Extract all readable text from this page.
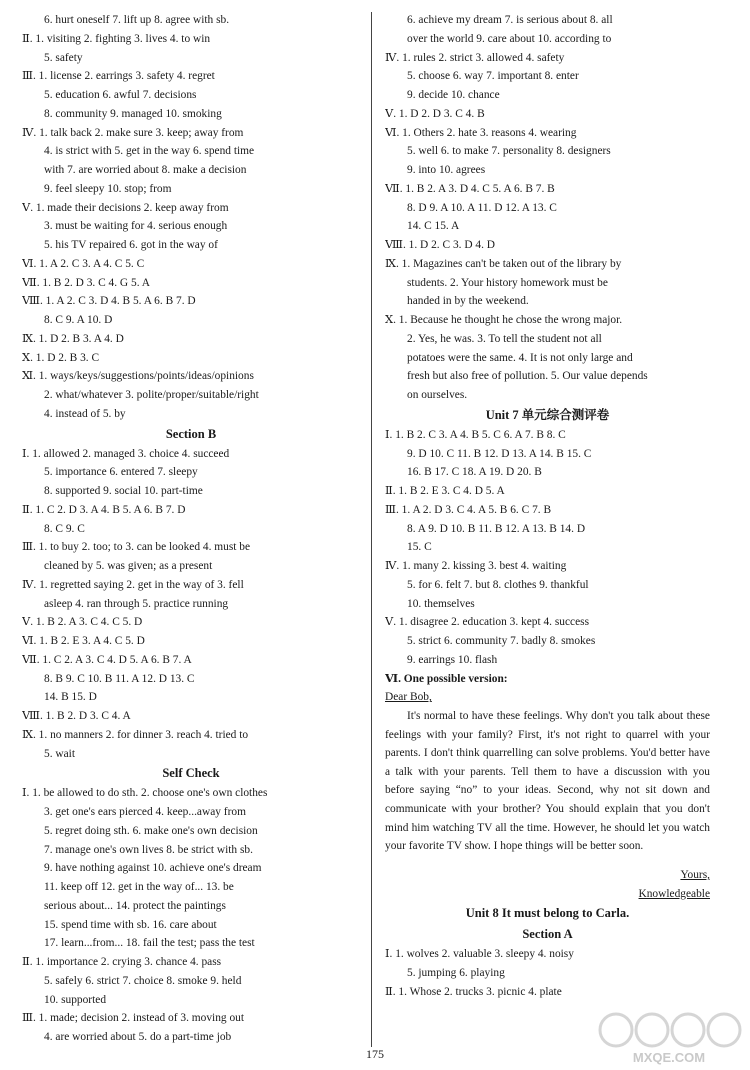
6. hurt oneself 7. lift up 8. agree with sb.
Ⅱ. 1. visiting 2. fighting 3. lives 4. to win
5. safety
Ⅲ. 1. license 2. earrings 3. safety 4. regret
5. education 6. awful 7. decisions
8. community 9. managed 10. smoking
Ⅳ. 1. talk back 2. make sure 3. keep; away from
4. is strict with 5. get in the way 6. spend time
with 7. are worried about 8. make a decision
9. feel sleepy 10. stop; from
Ⅴ. 1. made their decisions 2. keep away from
3. must be waiting for 4. serious enough
5. his TV repaired 6. got in the way of
Ⅵ. 1. A 2. C 3. A 4. C 5. C
Ⅶ. 1. B 2. D 3. C 4. G 5. A
Ⅷ. 1. A 2. C 3. D 4. B 5. A 6. B 7. D
8. C 9. A 10. D
Ⅸ. 1. D 2. B 3. A 4. D
Ⅹ. 1. D 2. B 3. C
Ⅺ. 1. ways/keys/suggestions/points/ideas/opinions
2. what/whatever 3. polite/proper/suitable/right
4. instead of 5. by
Section B
Ⅰ. 1. allowed 2. managed 3. choice 4. succeed
5. importance 6. entered 7. sleepy
8. supported 9. social 10. part-time
Ⅱ. 1. C 2. D 3. A 4. B 5. A 6. B 7. D
8. C 9. C
Ⅲ. 1. to buy 2. too; to 3. can be looked 4. must be
cleaned by 5. was given; as a present
Ⅳ. 1. regretted saying 2. get in the way of 3. fell
asleep 4. ran through 5. practice running
Ⅴ. 1. B 2. A 3. C 4. C 5. D
Ⅵ. 1. B 2. E 3. A 4. C 5. D
Ⅶ. 1. C 2. A 3. C 4. D 5. A 6. B 7. A
8. B 9. C 10. B 11. A 12. D 13. C
14. B 15. D
Ⅷ. 1. B 2. D 3. C 4. A
Ⅸ. 1. no manners 2. for dinner 3. reach 4. tried to
5. wait
Self Check
Ⅰ. 1. be allowed to do sth. 2. choose one's own clothes
3. get one's ears pierced 4. keep...away from
5. regret doing sth. 6. make one's own decision
7. manage one's own lives 8. be strict with sb.
9. have nothing against 10. achieve one's dream
11. keep off 12. get in the way of... 13. be
serious about... 14. protect the paintings
15. spend time with sb. 16. care about
17. learn...from... 18. fail the test; pass the test
Ⅱ. 1. importance 2. crying 3. chance 4. pass
5. safely 6. strict 7. choice 8. smoke 9. held
10. supported
Ⅲ. 1. made; decision 2. instead of 3. moving out
4. are worried about 5. do a part-time job
6. achieve my dream 7. is serious about 8. all
over the world 9. care about 10. according to
Ⅳ. 1. rules 2. strict 3. allowed 4. safety
5. choose 6. way 7. important 8. enter
9. decide 10. chance
Ⅴ. 1. D 2. D 3. C 4. B
Ⅵ. 1. Others 2. hate 3. reasons 4. wearing
5. well 6. to make 7. personality 8. designers
9. into 10. agrees
Ⅶ. 1. B 2. A 3. D 4. C 5. A 6. B 7. B
8. D 9. A 10. A 11. D 12. A 13. C
14. C 15. A
Ⅷ. 1. D 2. C 3. D 4. D
Ⅸ. 1. Magazines can't be taken out of the library by
students. 2. Your history homework must be
handed in by the weekend.
Ⅹ. 1. Because he thought he chose the wrong major.
2. Yes, he was. 3. To tell the student not all
potatoes were the same. 4. It is not only large and
fresh but also free of pollution. 5. Our value depends
on ourselves.
Unit 7 单元综合测评卷
Ⅰ. 1. B 2. C 3. A 4. B 5. C 6. A 7. B 8. C
9. D 10. C 11. B 12. D 13. A 14. B 15. C
16. B 17. C 18. A 19. D 20. B
Ⅱ. 1. B 2. E 3. C 4. D 5. A
Ⅲ. 1. A 2. D 3. C 4. A 5. B 6. C 7. B
8. A 9. D 10. B 11. B 12. A 13. B 14. D
15. C
Ⅳ. 1. many 2. kissing 3. best 4. waiting
5. for 6. felt 7. but 8. clothes 9. thankful
10. themselves
Ⅴ. 1. disagree 2. education 3. kept 4. success
5. strict 6. community 7. badly 8. smokes
9. earrings 10. flash
Ⅵ. One possible version:
Dear Bob,
It's normal to have these feelings. Why don't you talk about these feelings with your family? First, it's not right to quarrel with your parents. I don't think quarrelling can solve problems. You'd better have a talk with your parents. Tell them to have a discussion with you before saying “no” to your ideas. Second, why not sit down and communicate with your brother? You should explain that you don't mind him watching TV all the time. However, he should let you watch your favorite TV show. I hope things will be better soon.
Yours,
Knowledgeable
Unit 8 It must belong to Carla.
Section A
Ⅰ. 1. wolves 2. valuable 3. sleepy 4. noisy
5. jumping 6. playing
Ⅱ. 1. Whose 2. trucks 3. picnic 4. plate
175	MXQE.COM
